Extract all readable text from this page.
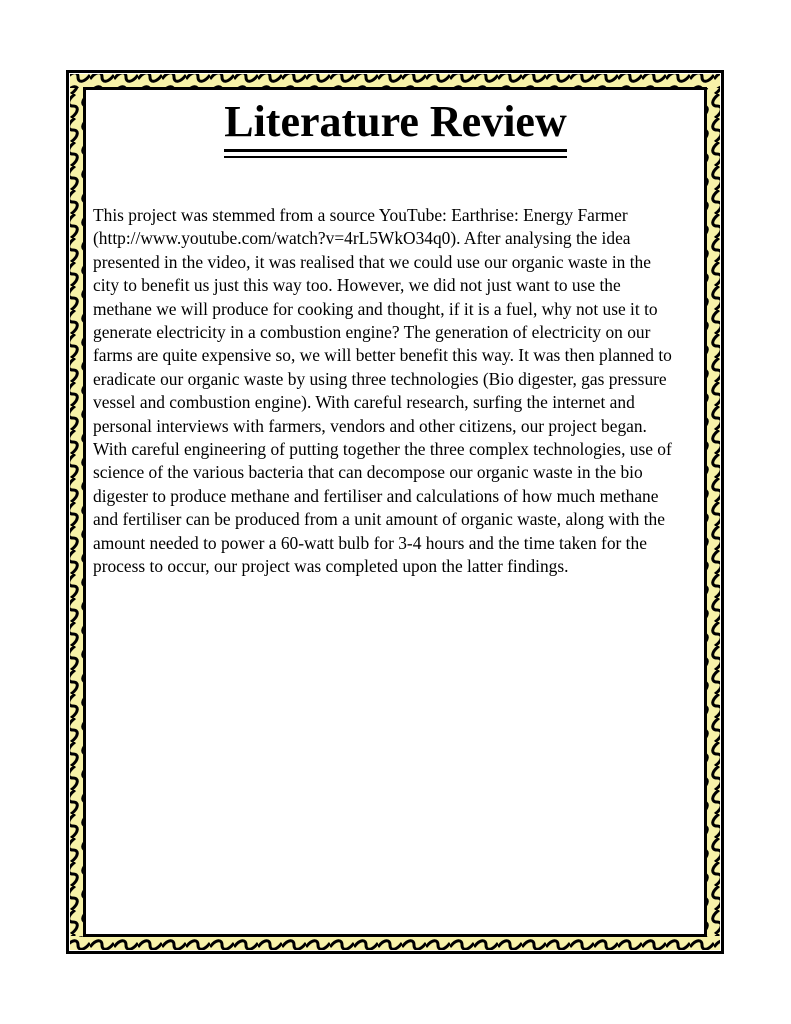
Literature Review

This project was stemmed from a source YouTube: Earthrise: Energy Farmer
(http://www.youtube.com/watch?v=4rL5WkO34q0). After analysing the idea
presented in the video, it was realised that we could use our organic waste in the
city to benefit us just this way too. However, we did not just want to use the
methane we will produce for cooking and thought, if it is a fuel, why not use it to
generate electricity in a combustion engine? The generation of electricity on our
farms are quite expensive so, we will better benefit this way. It was then planned to
eradicate our organic waste by using three technologies (Bio digester, gas pressure
vessel and combustion engine). With careful research, surfing the internet and
personal interviews with farmers, vendors and other citizens, our project began.
With careful engineering of putting together the three complex technologies, use of
science of the various bacteria that can decompose our organic waste in the bio
digester to produce methane and fertiliser and calculations of how much methane
and fertiliser can be produced from a unit amount of organic waste, along with the
amount needed to power a 60-watt bulb for 3-4 hours and the time taken for the
process to occur, our project was completed upon the latter findings.
